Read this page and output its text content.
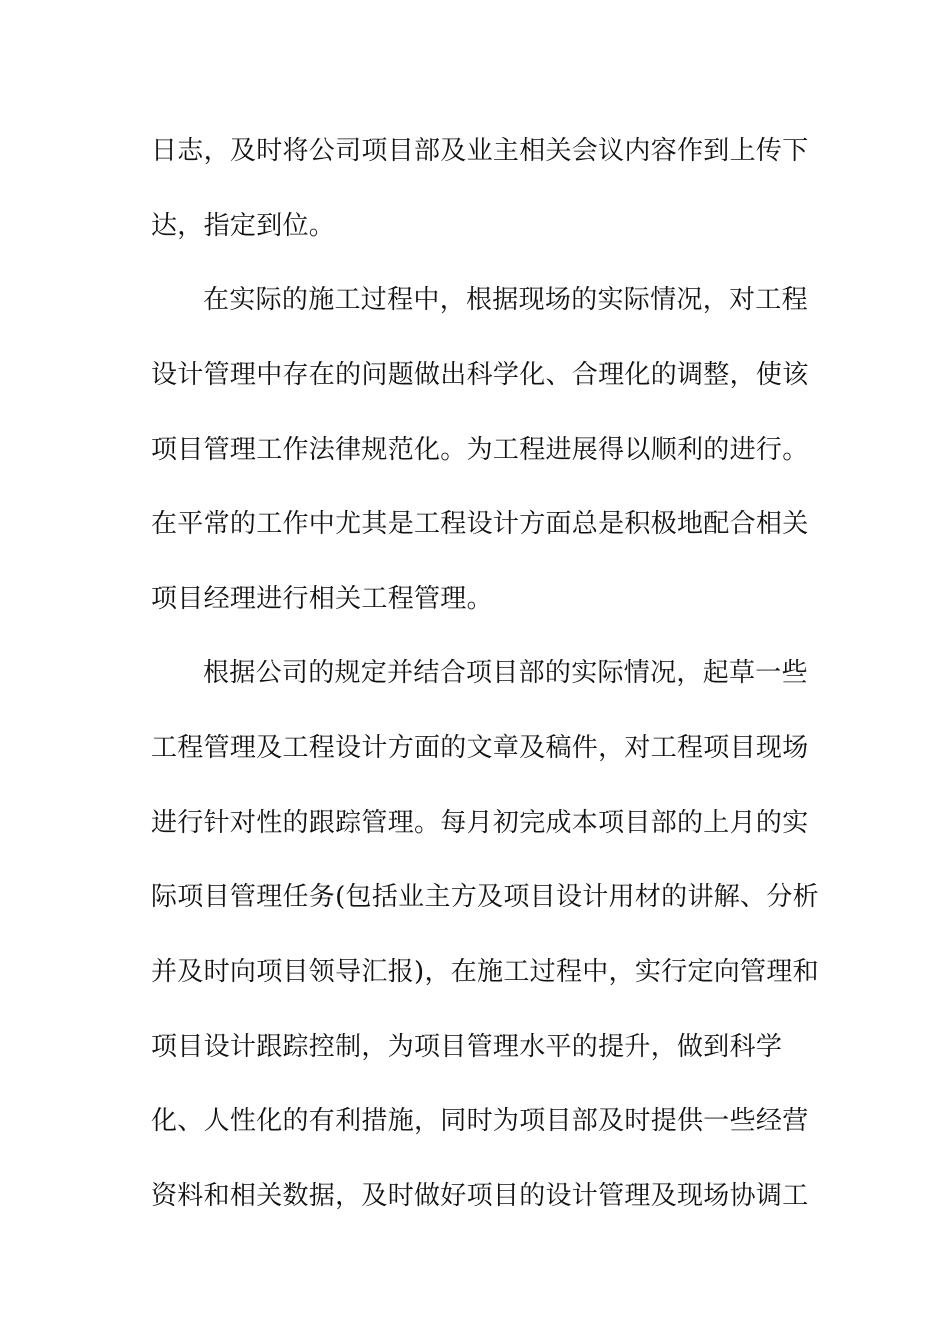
日志，及时将公司项目部及业主相关会议内容作到上传下
达，指定到位。
在实际的施工过程中，根据现场的实际情况，对工程
设计管理中存在的问题做出科学化、合理化的调整，使该
项目管理工作法律规范化。为工程进展得以顺利的进行。
在平常的工作中尤其是工程设计方面总是积极地配合相关
项目经理进行相关工程管理。
根据公司的规定并结合项目部的实际情况，起草一些
工程管理及工程设计方面的文章及稿件，对工程项目现场
进行针对性的跟踪管理。每月初完成本项目部的上月的实
际项目管理任务(包括业主方及项目设计用材的讲解、分析
并及时向项目领导汇报)，在施工过程中，实行定向管理和
项目设计跟踪控制，为项目管理水平的提升，做到科学
化、人性化的有利措施，同时为项目部及时提供一些经营
资料和相关数据，及时做好项目的设计管理及现场协调工
